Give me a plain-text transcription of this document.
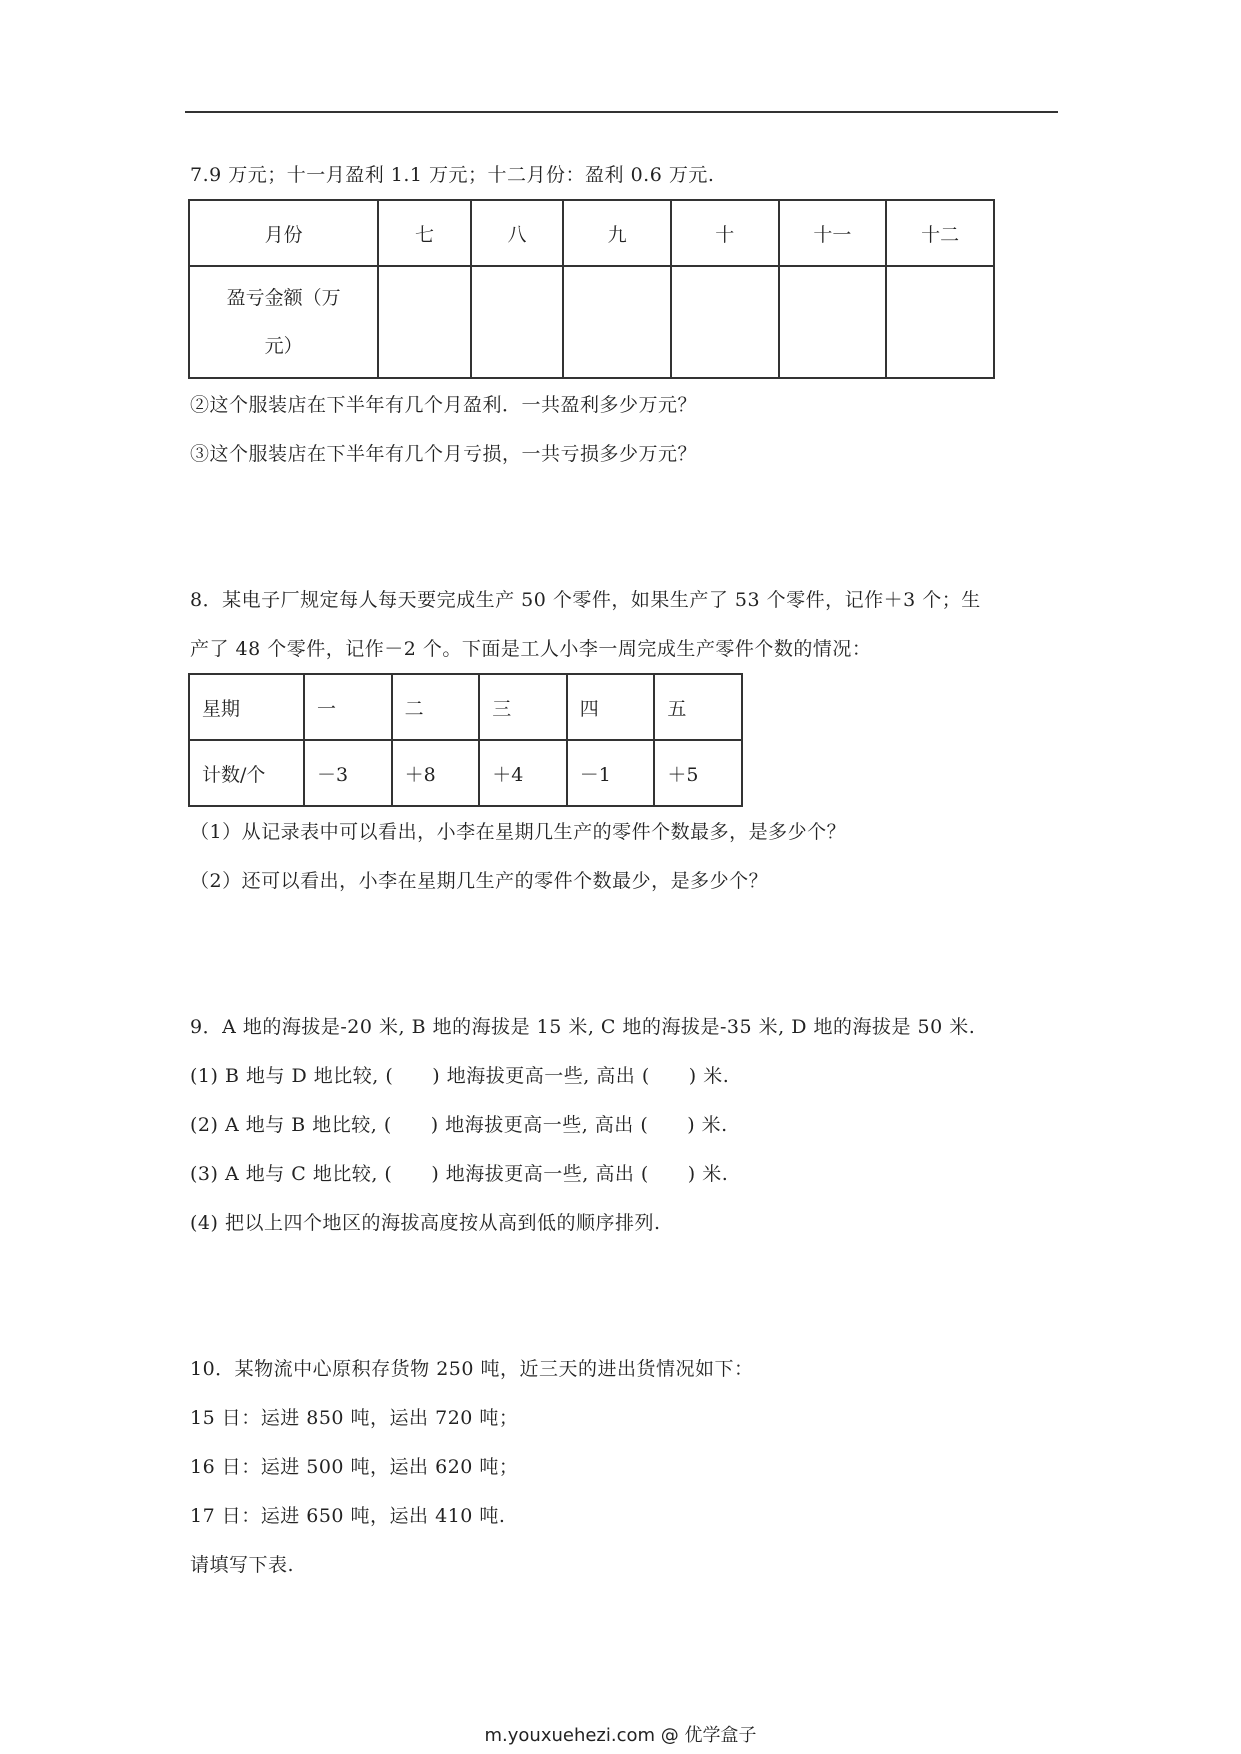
7.9 万元；十一月盈利 1.1 万元；十二月份：盈利 0.6 万元.
月份	七	八	九	十	十一	十二

盈亏金额（万
元）						

②这个服装店在下半年有几个月盈利．一共盈利多少万元？
③这个服装店在下半年有几个月亏损，一共亏损多少万元？
8．某电子厂规定每人每天要完成生产 50 个零件，如果生产了 53 个零件，记作＋3 个；生
产了 48 个零件，记作－2 个。下面是工人小李一周完成生产零件个数的情况：
星期	一	二	三	四	五
计数/个	－3	＋8	＋4	－1	＋5
（1）从记录表中可以看出，小李在星期几生产的零件个数最多，是多少个？
（2）还可以看出，小李在星期几生产的零件个数最少，是多少个？
9．A 地的海拔是-20 米, B 地的海拔是 15 米, C 地的海拔是-35 米, D 地的海拔是 50 米.
(1) B 地与 D 地比较, (　　) 地海拔更高一些, 高出 (　　) 米.
(2) A 地与 B 地比较, (　　) 地海拔更高一些, 高出 (　　) 米.
(3) A 地与 C 地比较, (　　) 地海拔更高一些, 高出 (　　) 米.
(4) 把以上四个地区的海拔高度按从高到低的顺序排列.
10．某物流中心原积存货物 250 吨，近三天的进出货情况如下：
15 日：运进 850 吨，运出 720 吨；
16 日：运进 500 吨，运出 620 吨；
17 日：运进 650 吨，运出 410 吨.
请填写下表.
m.youxuehezi.com @ 优学盒子
